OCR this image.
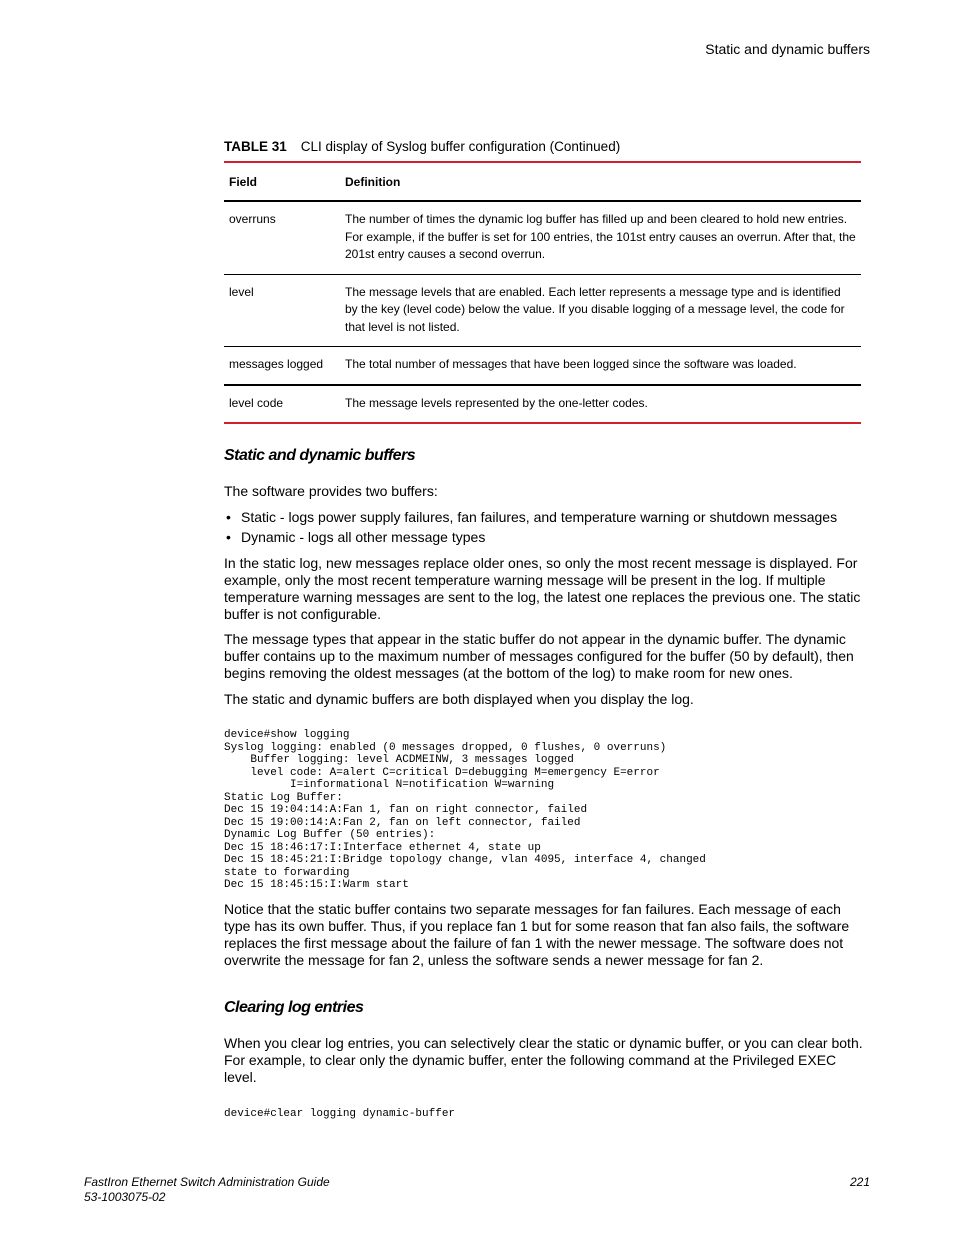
Static and dynamic buffers
TABLE 31 CLI display of Syslog buffer configuration (Continued)
Field	Definition
overruns	The number of times the dynamic log buffer has filled up and been cleared to hold new entries. For example, if the buffer is set for 100 entries, the 101st entry causes an overrun. After that, the 201st entry causes a second overrun.
level	The message levels that are enabled. Each letter represents a message type and is identified by the key (level code) below the value. If you disable logging of a message level, the code for that level is not listed.
messages logged	The total number of messages that have been logged since the software was loaded.
level code	The message levels represented by the one-letter codes.
Static and dynamic buffers

The software provides two buffers:

• Static - logs power supply failures, fan failures, and temperature warning or shutdown messages
• Dynamic - logs all other message types

In the static log, new messages replace older ones, so only the most recent message is displayed. For example, only the most recent temperature warning message will be present in the log. If multiple temperature warning messages are sent to the log, the latest one replaces the previous one. The static buffer is not configurable.

The message types that appear in the static buffer do not appear in the dynamic buffer. The dynamic buffer contains up to the maximum number of messages configured for the buffer (50 by default), then begins removing the oldest messages (at the bottom of the log) to make room for new ones.

The static and dynamic buffers are both displayed when you display the log.

device#show logging
Syslog logging: enabled (0 messages dropped, 0 flushes, 0 overruns)
Buffer logging: level ACDMEINW, 3 messages logged
level code: A=alert C=critical D=debugging M=emergency E=error
I=informational N=notification W=warning
Static Log Buffer:
Dec 15 19:04:14:A:Fan 1, fan on right connector, failed
Dec 15 19:00:14:A:Fan 2, fan on left connector, failed
Dynamic Log Buffer (50 entries):
Dec 15 18:46:17:I:Interface ethernet 4, state up
Dec 15 18:45:21:I:Bridge topology change, vlan 4095, interface 4, changed
state to forwarding
Dec 15 18:45:15:I:Warm start

Notice that the static buffer contains two separate messages for fan failures. Each message of each type has its own buffer. Thus, if you replace fan 1 but for some reason that fan also fails, the software replaces the first message about the failure of fan 1 with the newer message. The software does not overwrite the message for fan 2, unless the software sends a newer message for fan 2.

Clearing log entries

When you clear log entries, you can selectively clear the static or dynamic buffer, or you can clear both. For example, to clear only the dynamic buffer, enter the following command at the Privileged EXEC level.

device#clear logging dynamic-buffer
FastIron Ethernet Switch Administration Guide
53-1003075-02
221
